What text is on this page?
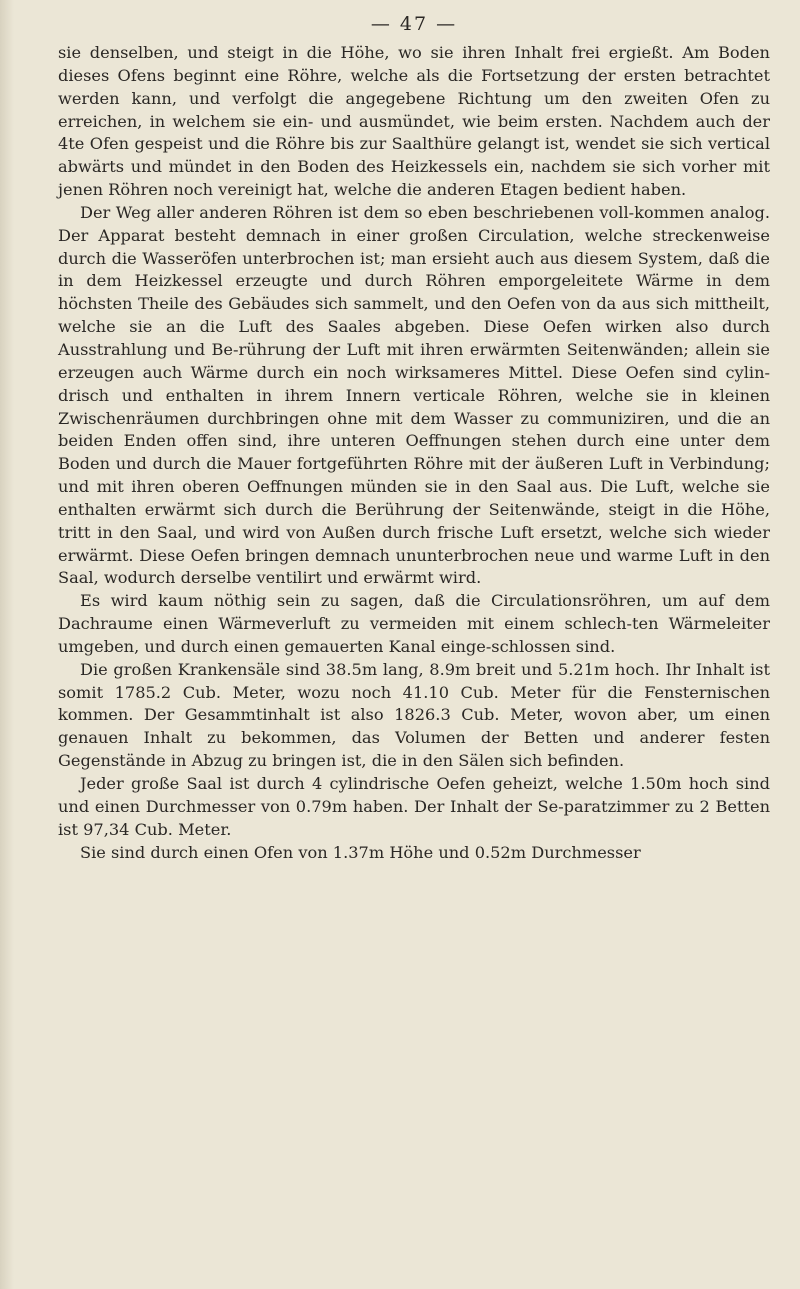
— 47 —

sie denselben, und steigt in die Höhe, wo sie ihren Inhalt frei ergießt. Am Boden dieses Ofens beginnt eine Röhre, welche als die Fortsetzung der ersten betrachtet werden kann, und verfolgt die angegebene Richtung um den zweiten Ofen zu erreichen, in welchem sie ein- und ausmündet, wie beim ersten. Nachdem auch der 4te Ofen gespeist und die Röhre bis zur Saalthüre gelangt ist, wendet sie sich vertical abwärts und mündet in den Boden des Heizkessels ein, nachdem sie sich vorher mit jenen Röhren noch vereinigt hat, welche die anderen Etagen bedient haben.

Der Weg aller anderen Röhren ist dem so eben beschriebenen voll-kommen analog. Der Apparat besteht demnach in einer großen Circulation, welche streckenweise durch die Wasseröfen unterbrochen ist; man ersieht auch aus diesem System, daß die in dem Heizkessel erzeugte und durch Röhren emporgeleitete Wärme in dem höchsten Theile des Gebäudes sich sammelt, und den Oefen von da aus sich mittheilt, welche sie an die Luft des Saales abgeben. Diese Oefen wirken also durch Ausstrahlung und Be-rührung der Luft mit ihren erwärmten Seitenwänden; allein sie erzeugen auch Wärme durch ein noch wirksameres Mittel. Diese Oefen sind cylin-drisch und enthalten in ihrem Innern verticale Röhren, welche sie in kleinen Zwischenräumen durchbringen ohne mit dem Wasser zu communiziren, und die an beiden Enden offen sind, ihre unteren Oeffnungen stehen durch eine unter dem Boden und durch die Mauer fortgeführten Röhre mit der äußeren Luft in Verbindung; und mit ihren oberen Oeffnungen münden sie in den Saal aus. Die Luft, welche sie enthalten erwärmt sich durch die Berührung der Seitenwände, steigt in die Höhe, tritt in den Saal, und wird von Außen durch frische Luft ersetzt, welche sich wieder erwärmt. Diese Oefen bringen demnach ununterbrochen neue und warme Luft in den Saal, wodurch derselbe ventilirt und erwärmt wird.

Es wird kaum nöthig sein zu sagen, daß die Circulationsröhren, um auf dem Dachraume einen Wärmeverluft zu vermeiden mit einem schlech-ten Wärmeleiter umgeben, und durch einen gemauerten Kanal einge-schlossen sind.

Die großen Krankensäle sind 38.5m lang, 8.9m breit und 5.21m hoch. Ihr Inhalt ist somit 1785.2 Cub. Meter, wozu noch 41.10 Cub. Meter für die Fensternischen kommen. Der Gesammtinhalt ist also 1826.3 Cub. Meter, wovon aber, um einen genauen Inhalt zu bekommen, das Volumen der Betten und anderer festen Gegenstände in Abzug zu bringen ist, die in den Sälen sich befinden.

Jeder große Saal ist durch 4 cylindrische Oefen geheizt, welche 1.50m hoch sind und einen Durchmesser von 0.79m haben. Der Inhalt der Se-paratzimmer zu 2 Betten ist 97,34 Cub. Meter.

Sie sind durch einen Ofen von 1.37m Höhe und 0.52m Durchmesser
